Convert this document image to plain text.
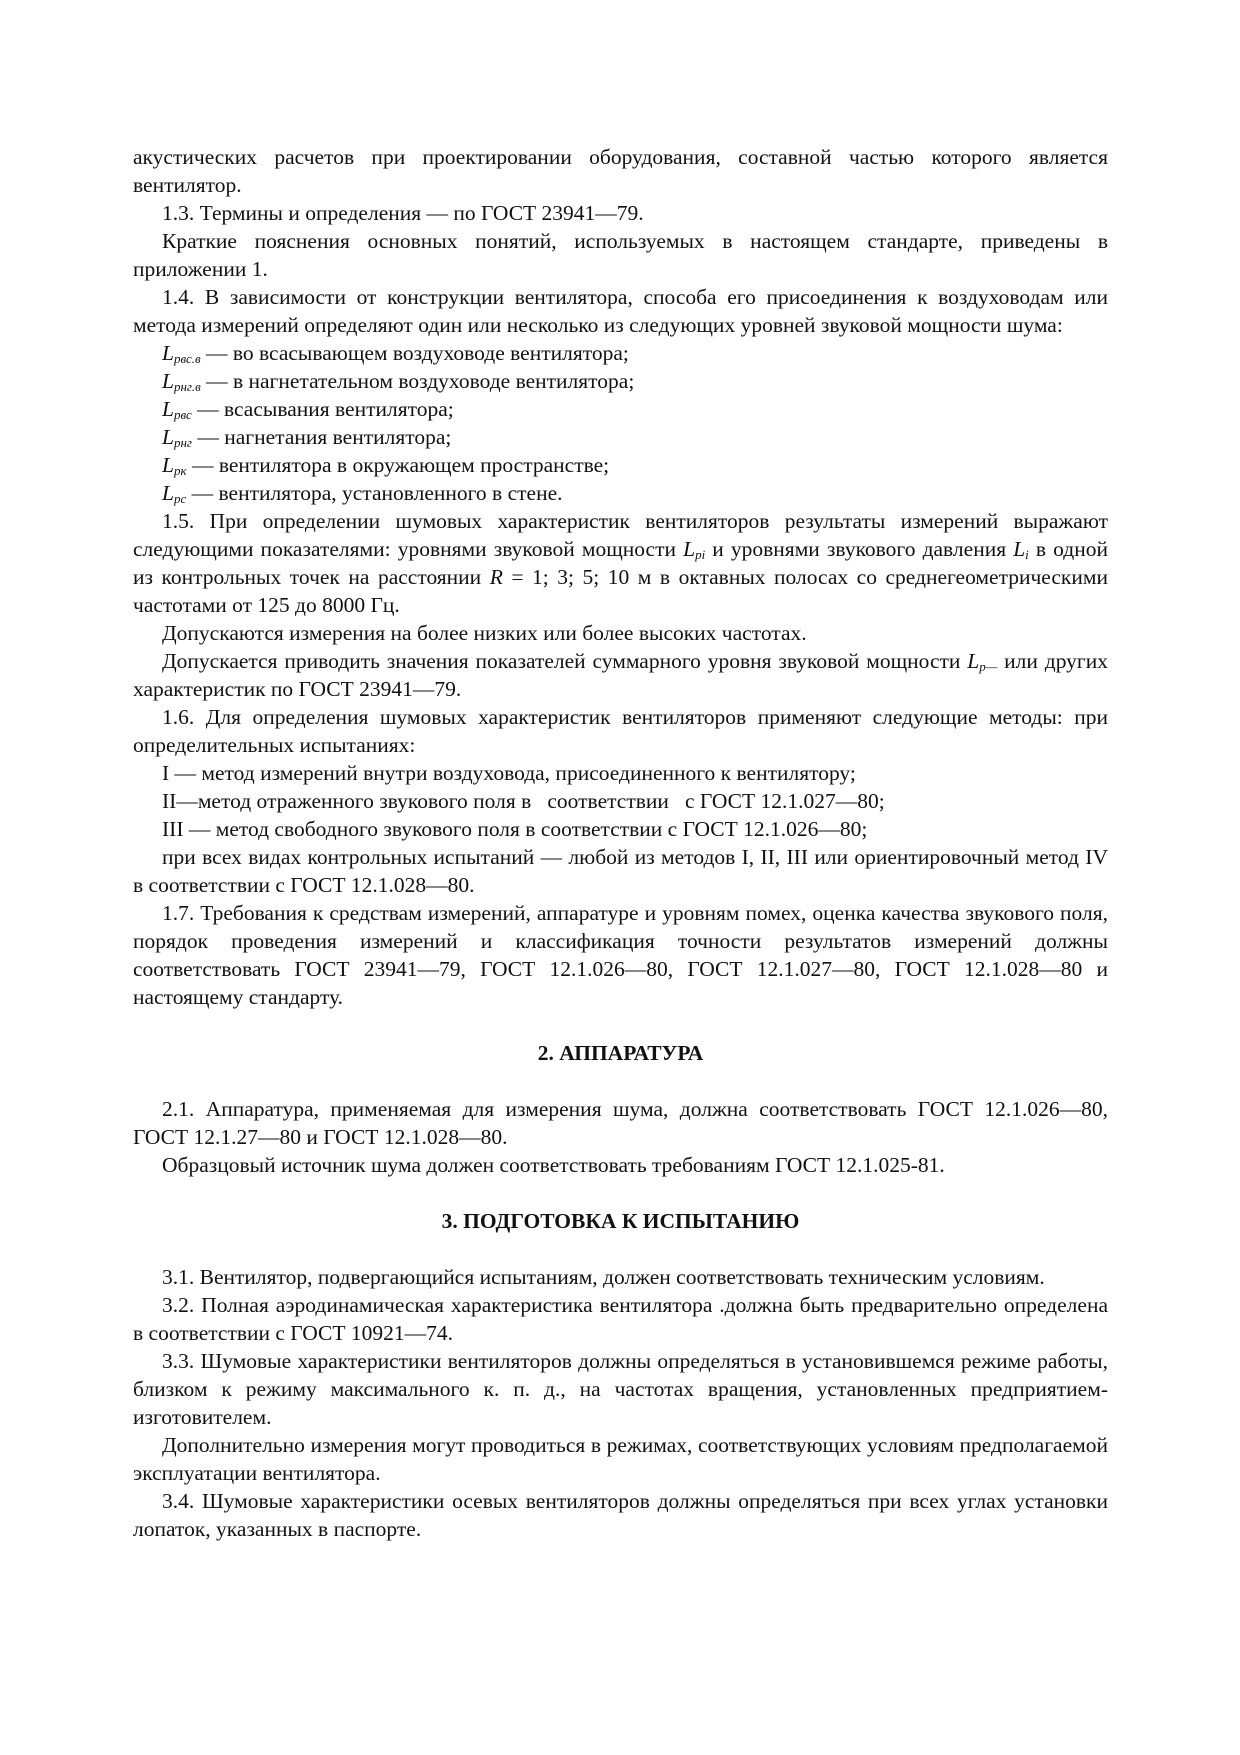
акустических расчетов при проектировании оборудования, составной частью которого является вентилятор.

1.3. Термины и определения — по ГОСТ 23941—79.

Краткие пояснения основных понятий, используемых в настоящем стандарте, приведены в приложении 1.

1.4. В зависимости от конструкции вентилятора, способа его присоединения к воздуховодам или метода измерений определяют один или несколько из следующих уровней звуковой мощности шума:

$L_{рвс.в}$ — во всасывающем воздуховоде вентилятора;

$L_{рнг.в}$ — в нагнетательном воздуховоде вентилятора;

$L_{рвс}$ — всасывания вентилятора;

$L_{рнг}$ — нагнетания вентилятора;

$L_{рк}$ — вентилятора в окружающем пространстве;

$L_{рс}$ — вентилятора, установленного в стене.

1.5. При определении шумовых характеристик вентиляторов результаты измерений выражают следующими показателями: уровнями звуковой мощности $L_{pi}$ и уровнями звукового давления $L_i$ в одной из контрольных точек на расстоянии R = 1; 3; 5; 10 м в октавных полосах со среднегеометрическими частотами от 125 до 8000 Гц.

Допускаются измерения на более низких или более высоких частотах.

Допускается приводить значения показателей суммарного уровня звуковой мощности $L_{p—}$ или других характеристик по ГОСТ 23941—79.

1.6. Для определения шумовых характеристик вентиляторов применяют следующие методы: при определительных испытаниях:

I — метод измерений внутри воздуховода, присоединенного к вентилятору;

II—метод отраженного звукового поля в   соответствии   с ГОСТ 12.1.027—80;

III — метод свободного звукового поля в соответствии с ГОСТ 12.1.026—80;

при всех видах контрольных испытаний — любой из методов I, II, III или ориентировочный метод IV в соответствии с ГОСТ 12.1.028—80.

1.7. Требования к средствам измерений, аппаратуре и уровням помех, оценка качества звукового поля, порядок проведения измерений и классификация точности результатов измерений должны соответствовать ГОСТ 23941—79, ГОСТ 12.1.026—80, ГОСТ 12.1.027—80, ГОСТ 12.1.028—80 и настоящему стандарту.

2. АППАРАТУРА

2.1. Аппаратура, применяемая для измерения шума, должна соответствовать ГОСТ 12.1.026—80, ГОСТ 12.1.27—80 и ГОСТ 12.1.028—80.

Образцовый источник шума должен соответствовать требованиям ГОСТ 12.1.025-81.

3. ПОДГОТОВКА К ИСПЫТАНИЮ

3.1. Вентилятор, подвергающийся испытаниям, должен соответствовать техническим условиям.

3.2. Полная аэродинамическая характеристика вентилятора .должна быть предварительно определена в соответствии с ГОСТ 10921—74.

3.3. Шумовые характеристики вентиляторов должны определяться в установившемся режиме работы, близком к режиму максимального к. п. д., на частотах вращения, установленных предприятием-изготовителем.

Дополнительно измерения могут проводиться в режимах, соответствующих условиям предполагаемой эксплуатации вентилятора.

3.4. Шумовые характеристики осевых вентиляторов должны определяться при всех углах установки лопаток, указанных в паспорте.
